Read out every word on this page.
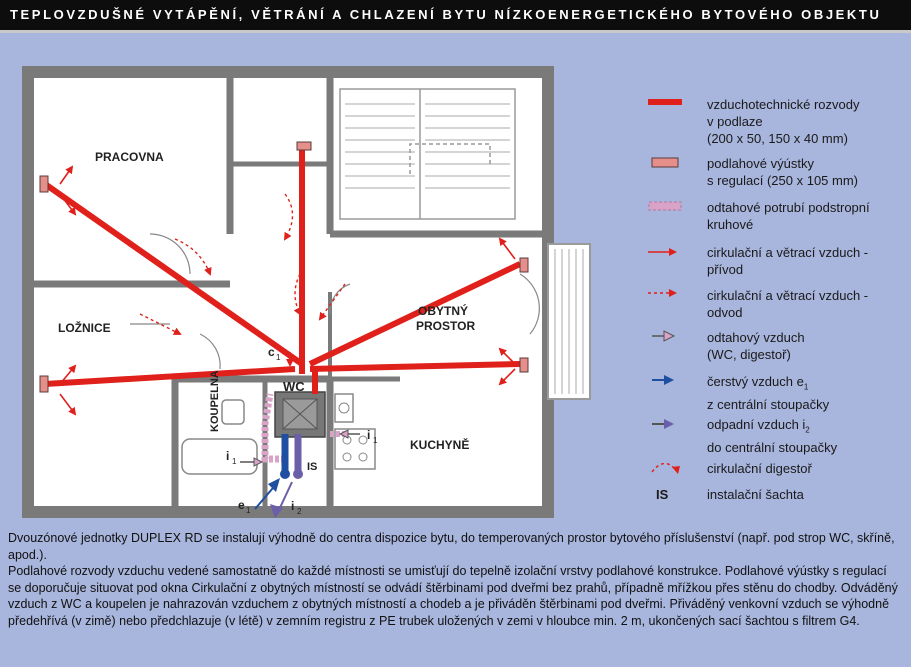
TEPLOVZDUŠNÉ VYTÁPĚNÍ, VĚTRÁNÍ A CHLAZENÍ BYTU NÍZKOENERGETICKÉHO BYTOVÉHO OBJEKTU
PRACOVNA
LOŽNICE
OBYTNÝ
PROSTOR
KUCHYNĚ
KOUPELNA	WC
IS
c 1
i 1
i 1
e 1	i 2
vzduchotechnické rozvody
v podlaze
(200 x 50, 150 x 40 mm)
podlahové výústky
s regulací (250 x 105 mm)
odtahové potrubí podstropní
kruhové
cirkulační a větrací vzduch -
přívod
cirkulační a větrací vzduch -
odvod
odtahový vzduch
(WC, digestoř)
čerstvý vzduch $e_1$
z centrální stoupačky
odpadní vzduch $i_2$
do centrální stoupačky
cirkulační digestoř
IS	instalační šachta

Dvouzónové jednotky DUPLEX RD se instalují výhodně do centra dispozice bytu, do temperovaných prostor bytového příslušenství (např. pod strop WC, skříně, apod.).

Podlahové rozvody vzduchu vedené samostatně do každé místnosti se umisťují do tepelně izolační vrstvy podlahové konstrukce. Podlahové výústky s regulací se doporučuje situovat pod okna Cirkulační z obytných místností se odvádí štěrbinami pod dveřmi bez prahů, případně mřížkou přes stěnu do chodby. Odváděný vzduch z WC a koupelen je nahrazován vzduchem z obytných místností a chodeb a je přiváděn štěrbinami pod dveřmi. Přiváděný venkovní vzduch se výhodně předehřívá (v zimě) nebo předchlazuje (v létě) v zemním registru z PE trubek uložených v zemi v hloubce min. 2 m, ukončených sací šachtou s filtrem G4.
